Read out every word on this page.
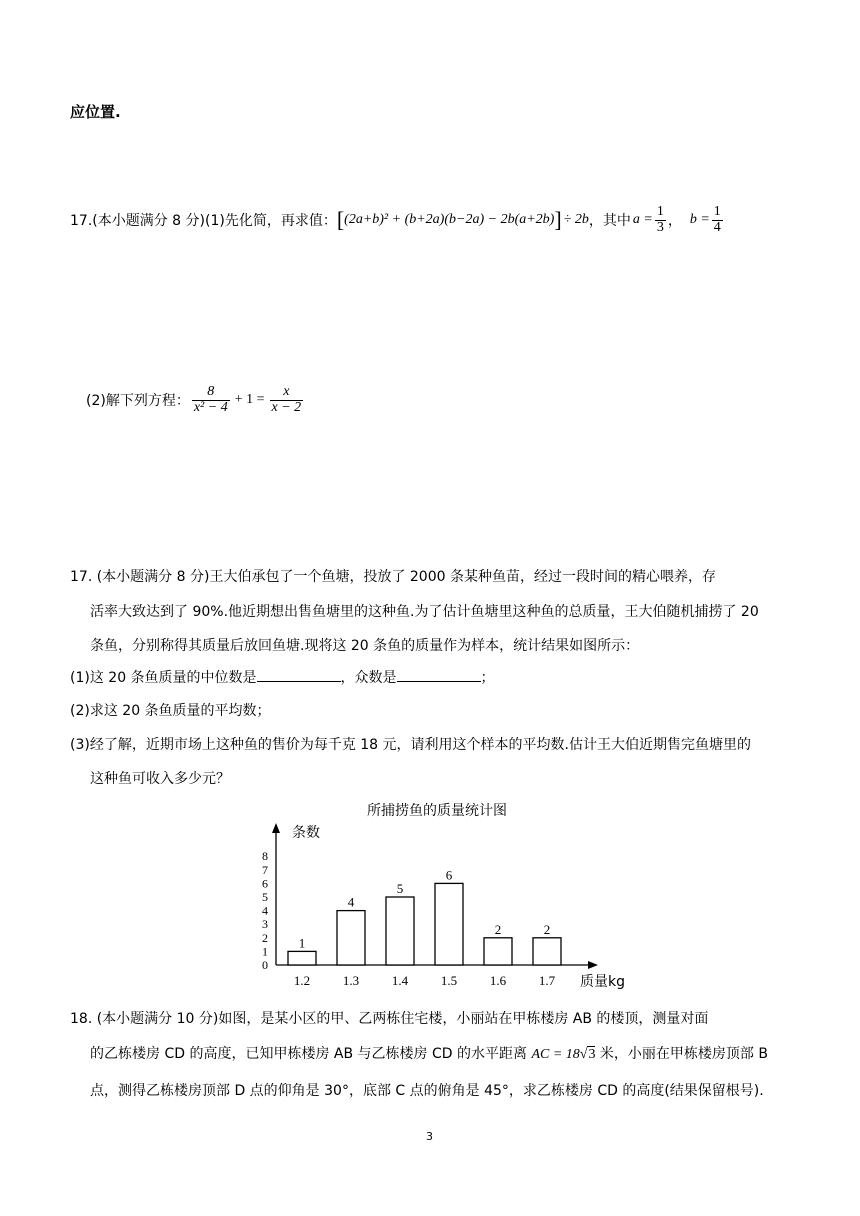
应位置.
17.(本小题满分 8 分)(1)先化简，再求值： [ (2a+b)² + (b+2a)(b−2a) − 2b(a+2b) ] ÷ 2b ，其中 $a = \frac{1}{3}$ ， $b = \frac{1}{4}$
(2)解下列方程： $\frac{8}{\text{x² − 4}} + 1 = \frac{x}{x - 2}$
17. (本小题满分 8 分)王大伯承包了一个鱼塘，投放了 2000 条某种鱼苗，经过一段时间的精心喂养，存
活率大致达到了 90%.他近期想出售鱼塘里的这种鱼.为了估计鱼塘里这种鱼的总质量，王大伯随机捕捞了 20
条鱼，分别称得其质量后放回鱼塘.现将这 20 条鱼的质量作为样本，统计结果如图所示：
(1)这 20 条鱼质量的中位数是	，众数是	；
(2)求这 20 条鱼质量的平均数；
(3)经了解，近期市场上这种鱼的售价为每千克 18 元，请利用这个样本的平均数.估计王大伯近期售完鱼塘里的
这种鱼可收入多少元？
所捕捞鱼的质量统计图
条数
质量kg
0
1
2
3
4
5
6
7
8
1
1.2
4
1.3
5
1.4
6
1.5
2
1.6
2
1.7
18. (本小题满分 10 分)如图，是某小区的甲、乙两栋住宅楼，小丽站在甲栋楼房 AB 的楼顶，测量对面
的乙栋楼房 CD 的高度，已知甲栋楼房 AB 与乙栋楼房 CD 的水平距离 AC = 18√3 米，小丽在甲栋楼房顶部 B
点，测得乙栋楼房顶部 D 点的仰角是 30°，底部 C 点的俯角是 45°，求乙栋楼房 CD 的高度(结果保留根号).
3
